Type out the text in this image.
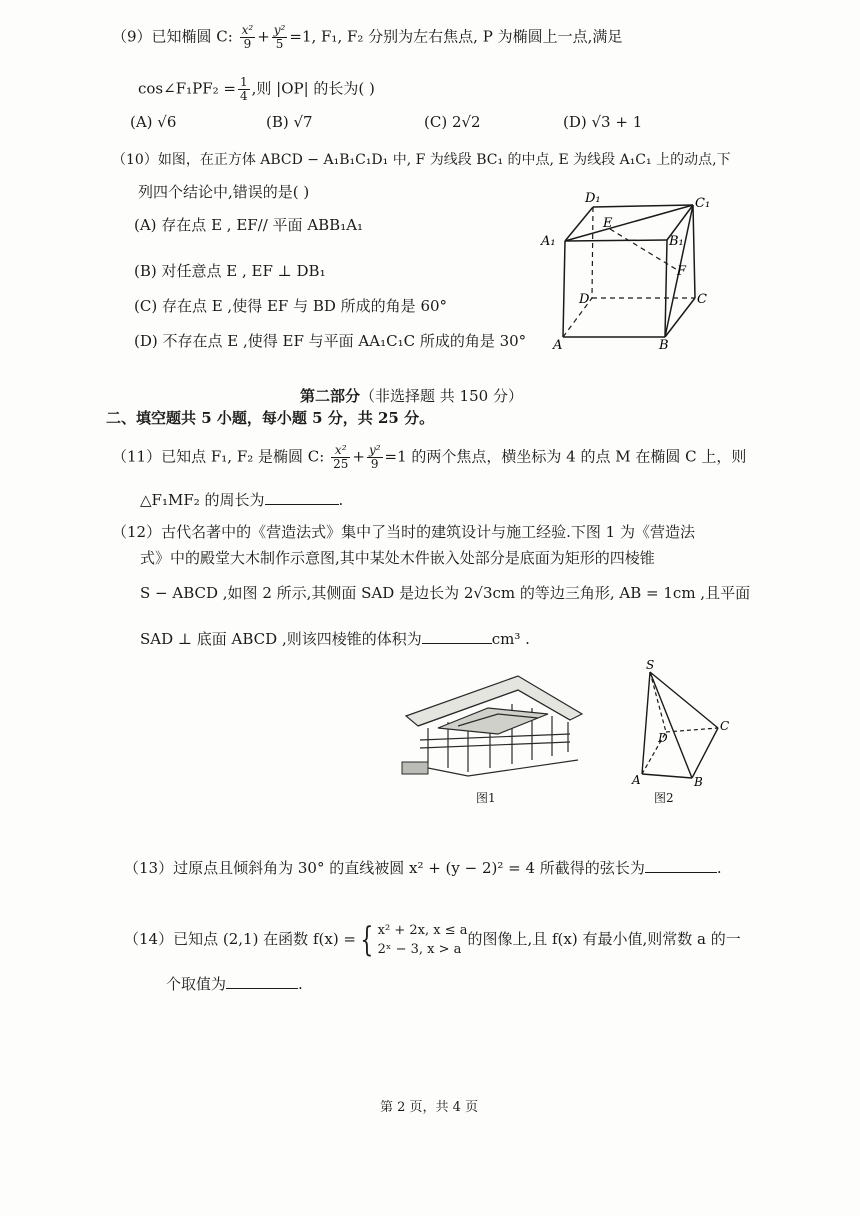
（9）已知椭圆 C: $\frac{\text{x²}}{9} + \frac{\text{y²}}{5} =1$, F₁, F₂ 分别为左右焦点, P 为椭圆上一点,满足
cos∠F₁PF₂ = $\frac{1}{4}$ ,则 |OP| 的长为( )
(A) √6	(B) √7	(C) 2√2	(D) √3 + 1
（10）如图，在正方体 ABCD − A₁B₁C₁D₁ 中, F 为线段 BC₁ 的中点, E 为线段 A₁C₁ 上的动点,下
列四个结论中,错误的是( )
(A) 存在点 E , EF// 平面 ABB₁A₁
(B) 对任意点 E , EF ⊥ DB₁
(C) 存在点 E ,使得 EF 与 BD 所成的角是 60°
(D) 不存在点 E ,使得 EF 与平面 AA₁C₁C 所成的角是 30°
D₁	C₁
A₁	B₁
E
F
D	C
A	B
第二部分（非选择题 共 150 分）
二、填空题共 5 小题，每小题 5 分，共 25 分。
（11）已知点 F₁, F₂ 是椭圆 C: $\frac{\text{x²}}{25} + \frac{\text{y²}}{9} =1$ 的两个焦点，横坐标为 4 的点 M 在椭圆 C 上，则
△F₁MF₂ 的周长为	.
（12）古代名著中的《营造法式》集中了当时的建筑设计与施工经验.下图 1 为《营造法
式》中的殿堂大木制作示意图,其中某处木件嵌入处部分是底面为矩形的四棱锥
S − ABCD ,如图 2 所示,其侧面 SAD 是边长为 2√3cm 的等边三角形, AB = 1cm ,且平面
SAD ⊥ 底面 ABCD ,则该四棱锥的体积为	cm³ .
图1
S
C
D
A	B
图2
（13）过原点且倾斜角为 30° 的直线被圆 x² + (y − 2)² = 4 所截得的弦长为	.
（14）已知点 (2,1) 在函数 f(x) = { x² + 2x, x ≤ a
2ˣ − 3, x > a
的图像上,且 f(x) 有最小值,则常数 a 的一
个取值为	.
第 2 页，共 4 页
